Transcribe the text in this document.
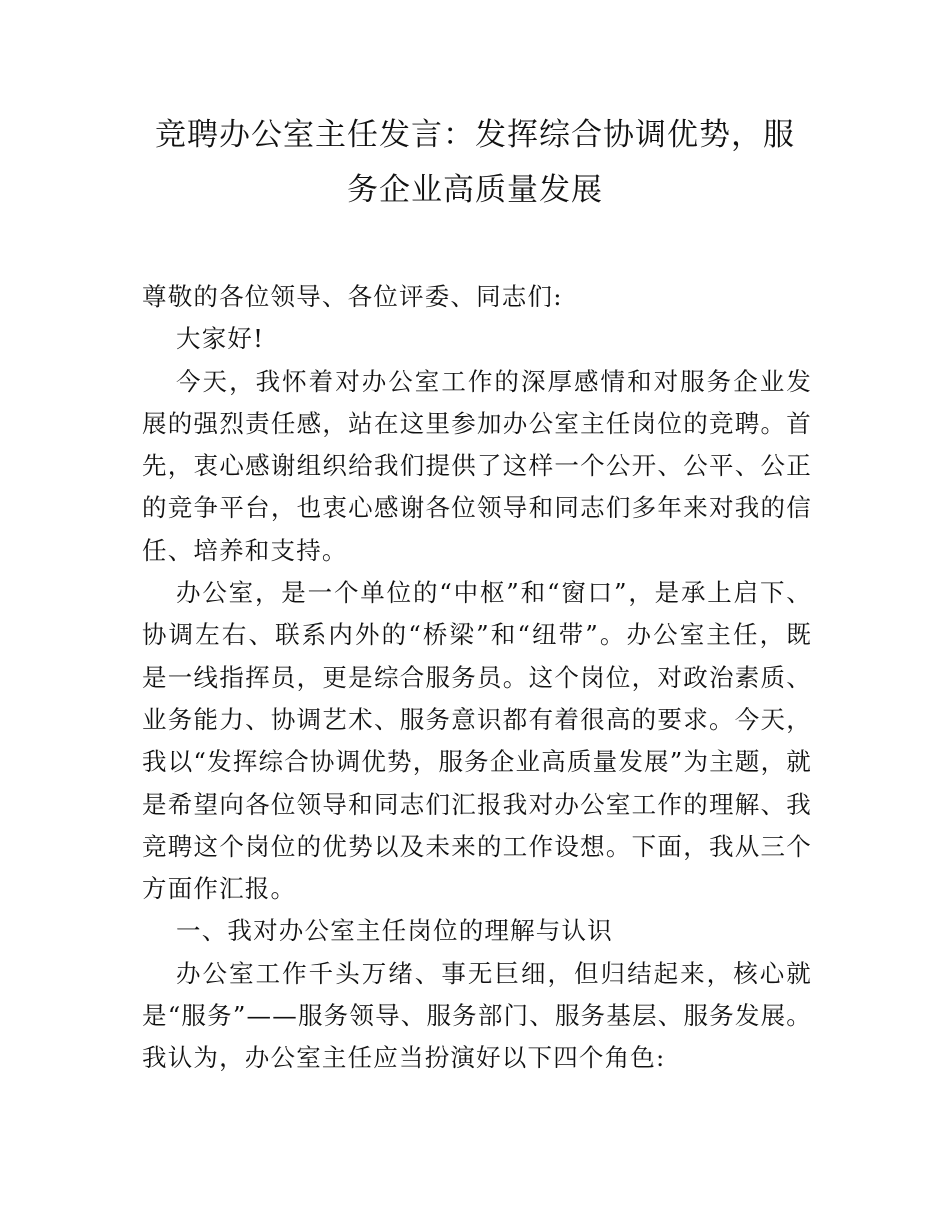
竞聘办公室主任发言：发挥综合协调优势，服务企业高质量发展

尊敬的各位领导、各位评委、同志们:

大家好!

今天，我怀着对办公室工作的深厚感情和对服务企业发展的强烈责任感，站在这里参加办公室主任岗位的竞聘。首先，衷心感谢组织给我们提供了这样一个公开、公平、公正的竞争平台，也衷心感谢各位领导和同志们多年来对我的信任、培养和支持。

办公室，是一个单位的“中枢”和“窗口”，是承上启下、协调左右、联系内外的“桥梁”和“纽带”。办公室主任，既是一线指挥员，更是综合服务员。这个岗位，对政治素质、业务能力、协调艺术、服务意识都有着很高的要求。今天，我以“发挥综合协调优势，服务企业高质量发展”为主题，就是希望向各位领导和同志们汇报我对办公室工作的理解、我竞聘这个岗位的优势以及未来的工作设想。下面，我从三个方面作汇报。

一、我对办公室主任岗位的理解与认识

办公室工作千头万绪、事无巨细，但归结起来，核心就是“服务”——服务领导、服务部门、服务基层、服务发展。我认为，办公室主任应当扮演好以下四个角色:
